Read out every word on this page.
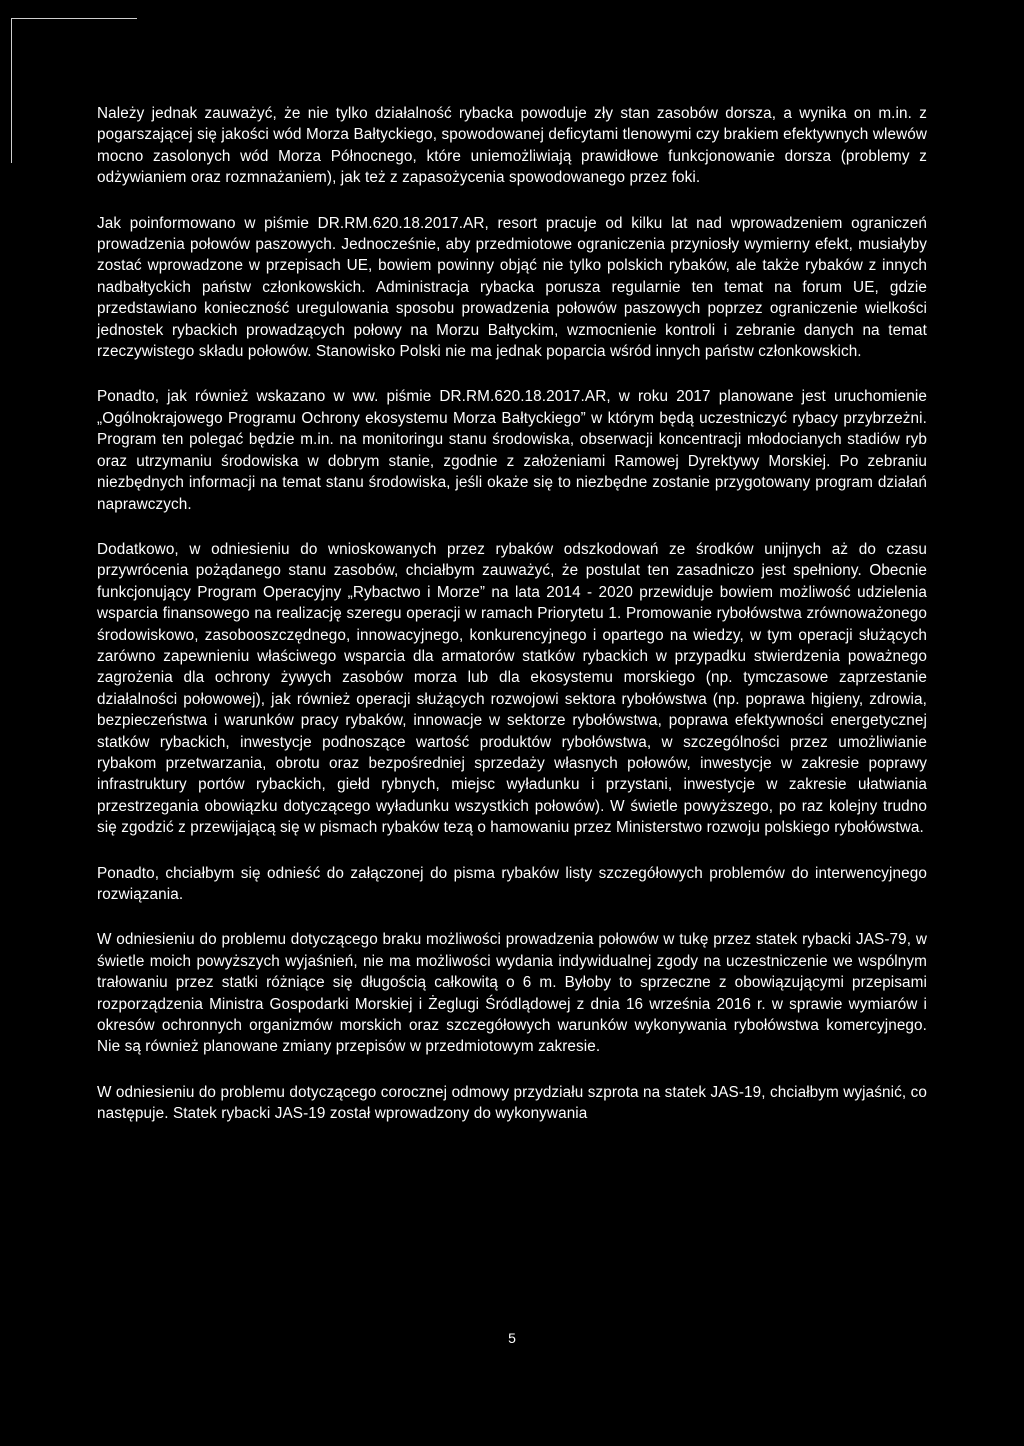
Należy jednak zauważyć, że nie tylko działalność rybacka powoduje zły stan zasobów dorsza, a wynika on m.in. z pogarszającej się jakości wód Morza Bałtyckiego, spowodowanej deficytami tlenowymi czy brakiem efektywnych wlewów mocno zasolonych wód Morza Północnego, które uniemożliwiają prawidłowe funkcjonowanie dorsza (problemy z odżywianiem oraz rozmnażaniem), jak też z zapasożycenia spowodowanego przez foki.

Jak poinformowano w piśmie DR.RM.620.18.2017.AR, resort pracuje od kilku lat nad wprowadzeniem ograniczeń prowadzenia połowów paszowych. Jednocześnie, aby przedmiotowe ograniczenia przyniosły wymierny efekt, musiałyby zostać wprowadzone w przepisach UE, bowiem powinny objąć nie tylko polskich rybaków, ale także rybaków z innych nadbałtyckich państw członkowskich. Administracja rybacka porusza regularnie ten temat na forum UE, gdzie przedstawiano konieczność uregulowania sposobu prowadzenia połowów paszowych poprzez ograniczenie wielkości jednostek rybackich prowadzących połowy na Morzu Bałtyckim, wzmocnienie kontroli i zebranie danych na temat rzeczywistego składu połowów. Stanowisko Polski nie ma jednak poparcia wśród innych państw członkowskich.

Ponadto, jak również wskazano w ww. piśmie DR.RM.620.18.2017.AR, w roku 2017 planowane jest uruchomienie „Ogólnokrajowego Programu Ochrony ekosystemu Morza Bałtyckiego” w którym będą uczestniczyć rybacy przybrzeżni. Program ten polegać będzie m.in. na monitoringu stanu środowiska, obserwacji koncentracji młodocianych stadiów ryb oraz utrzymaniu środowiska w dobrym stanie, zgodnie z założeniami Ramowej Dyrektywy Morskiej. Po zebraniu niezbędnych informacji na temat stanu środowiska, jeśli okaże się to niezbędne zostanie przygotowany program działań naprawczych.

Dodatkowo, w odniesieniu do wnioskowanych przez rybaków odszkodowań ze środków unijnych aż do czasu przywrócenia pożądanego stanu zasobów, chciałbym zauważyć, że postulat ten zasadniczo jest spełniony. Obecnie funkcjonujący Program Operacyjny „Rybactwo i Morze” na lata 2014 - 2020 przewiduje bowiem możliwość udzielenia wsparcia finansowego na realizację szeregu operacji w ramach Priorytetu 1. Promowanie rybołówstwa zrównoważonego środowiskowo, zasobooszczędnego, innowacyjnego, konkurencyjnego i opartego na wiedzy, w tym operacji służących zarówno zapewnieniu właściwego wsparcia dla armatorów statków rybackich w przypadku stwierdzenia poważnego zagrożenia dla ochrony żywych zasobów morza lub dla ekosystemu morskiego (np. tymczasowe zaprzestanie działalności połowowej), jak również operacji służących rozwojowi sektora rybołówstwa (np. poprawa higieny, zdrowia, bezpieczeństwa i warunków pracy rybaków, innowacje w sektorze rybołówstwa, poprawa efektywności energetycznej statków rybackich, inwestycje podnoszące wartość produktów rybołówstwa, w szczególności przez umożliwianie rybakom przetwarzania, obrotu oraz bezpośredniej sprzedaży własnych połowów, inwestycje w zakresie poprawy infrastruktury portów rybackich, giełd rybnych, miejsc wyładunku i przystani, inwestycje w zakresie ułatwiania przestrzegania obowiązku dotyczącego wyładunku wszystkich połowów). W świetle powyższego, po raz kolejny trudno się zgodzić z przewijającą się w pismach rybaków tezą o hamowaniu przez Ministerstwo rozwoju polskiego rybołówstwa.

Ponadto, chciałbym się odnieść do załączonej do pisma rybaków listy szczegółowych problemów do interwencyjnego rozwiązania.

W odniesieniu do problemu dotyczącego braku możliwości prowadzenia połowów w tukę przez statek rybacki JAS-79, w świetle moich powyższych wyjaśnień, nie ma możliwości wydania indywidualnej zgody na uczestniczenie we wspólnym trałowaniu przez statki różniące się długością całkowitą o 6 m. Byłoby to sprzeczne z obowiązującymi przepisami rozporządzenia Ministra Gospodarki Morskiej i Żeglugi Śródlądowej z dnia 16 września 2016 r. w sprawie wymiarów i okresów ochronnych organizmów morskich oraz szczegółowych warunków wykonywania rybołówstwa komercyjnego. Nie są również planowane zmiany przepisów w przedmiotowym zakresie.

W odniesieniu do problemu dotyczącego corocznej odmowy przydziału szprota na statek JAS-19, chciałbym wyjaśnić, co następuje. Statek rybacki JAS-19 został wprowadzony do wykonywania

5
